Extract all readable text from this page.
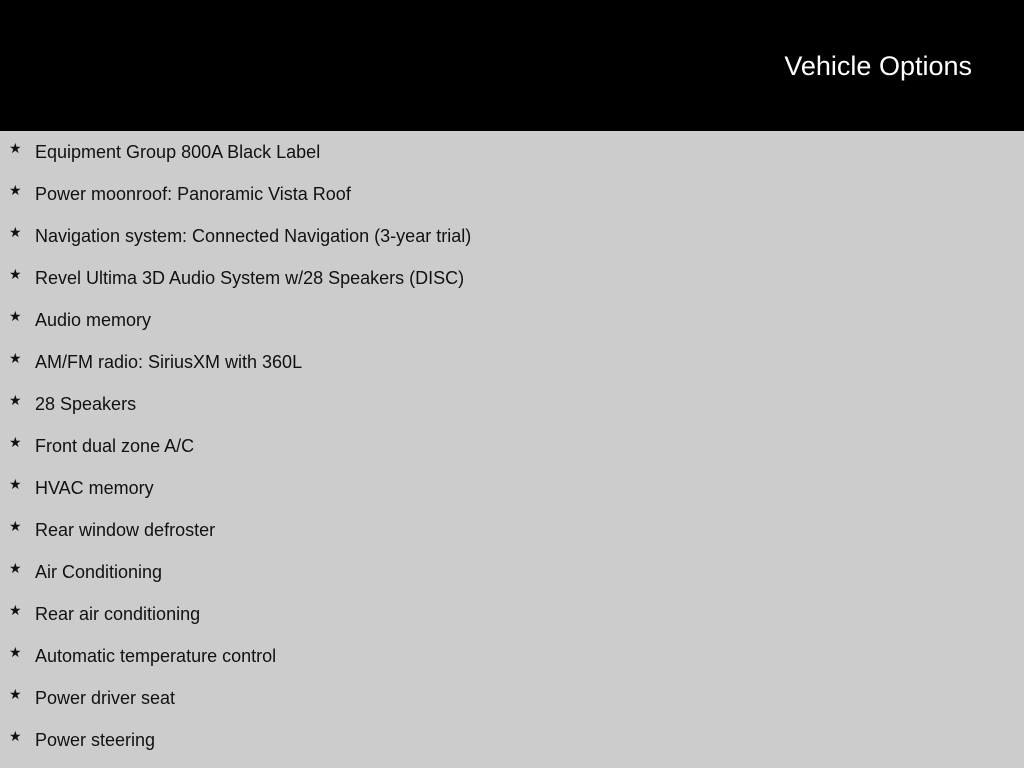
Vehicle Options
★ Equipment Group 800A Black Label
★ Power moonroof: Panoramic Vista Roof
★ Navigation system: Connected Navigation (3-year trial)
★ Revel Ultima 3D Audio System w/28 Speakers (DISC)
★ Audio memory
★ AM/FM radio: SiriusXM with 360L
★ 28 Speakers
★ Front dual zone A/C
★ HVAC memory
★ Rear window defroster
★ Air Conditioning
★ Rear air conditioning
★ Automatic temperature control
★ Power driver seat
★ Power steering
